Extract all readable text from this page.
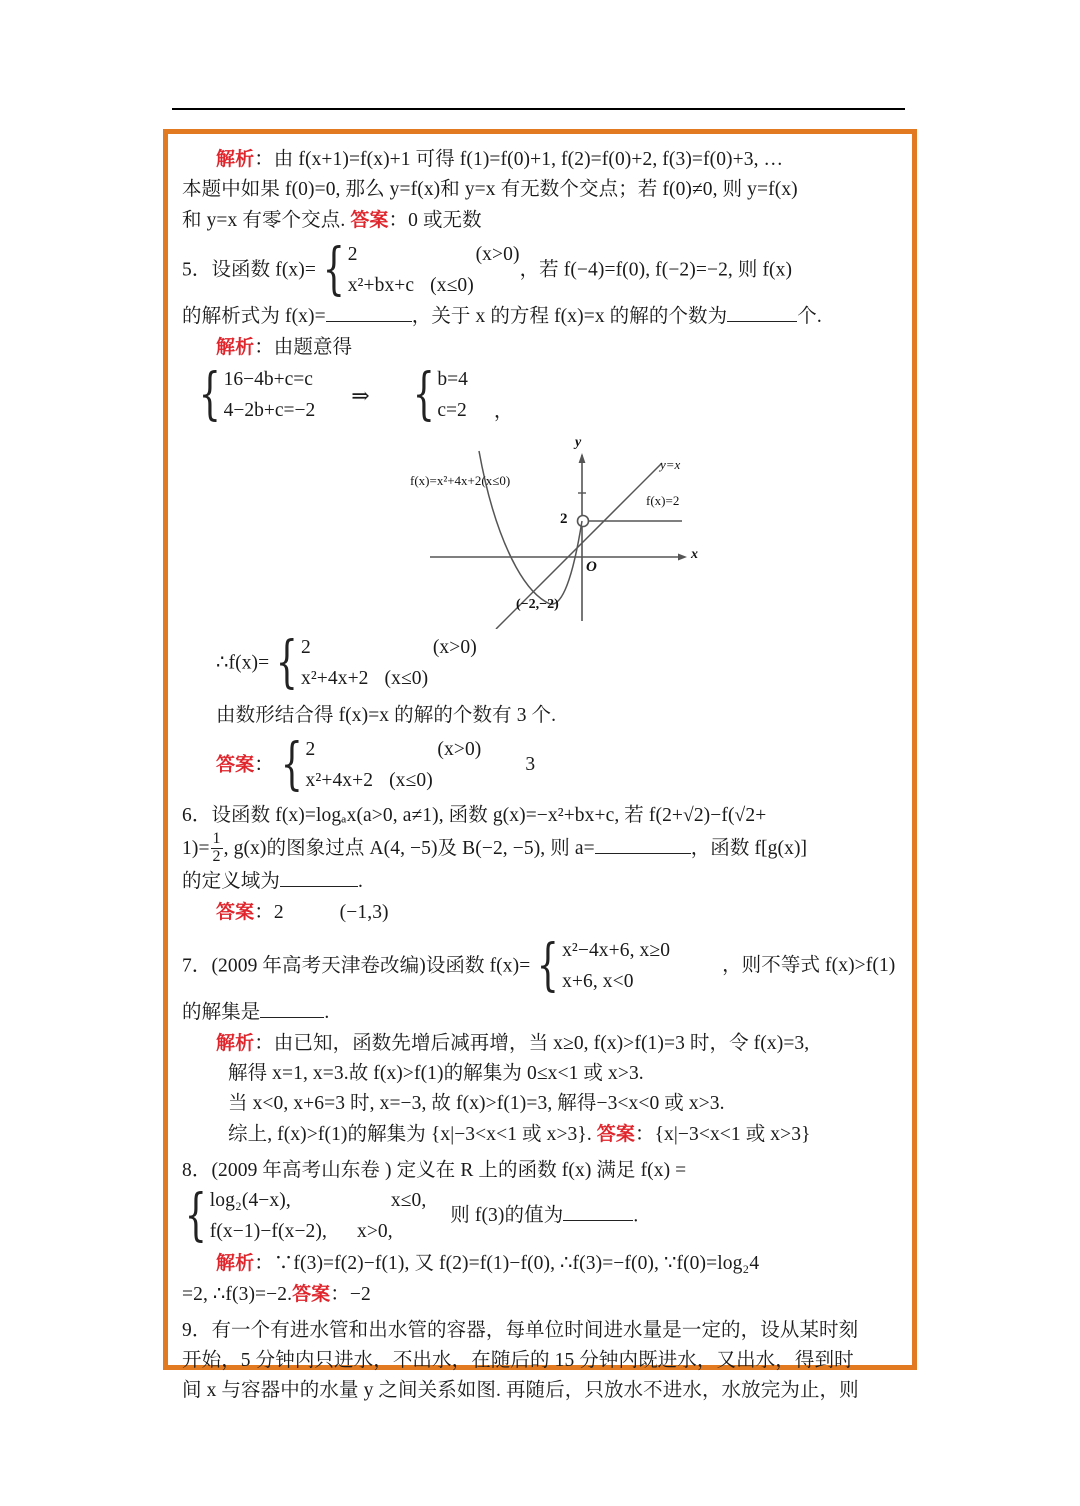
解析：由 f(x+1)=f(x)+1 可得 f(1)=f(0)+1, f(2)=f(0)+2, f(3)=f(0)+3, …
本题中如果 f(0)=0, 那么 y=f(x)和 y=x 有无数个交点；若 f(0)≠0, 则 y=f(x)
和 y=x 有零个交点. 答案：0 或无数
5．设函数 f(x)= { 2	(x>0)
x²+bx+c (x≤0)
，若 f(−4)=f(0), f(−2)=−2, 则 f(x)
的解析式为 f(x)=	，关于 x 的方程 f(x)=x 的解的个数为	个.
解析：由题意得
{ 16−4b+c=c
4−2b+c=−2
⇒ { b=4
c=2 ，
f(x)=x²+4x+2(x≤0)
y=x
f(x)=2
y
x
O
2
(−2,−2)
∴f(x)= { 2	(x>0)
x²+4x+2 (x≤0)
由数形结合得 f(x)=x 的解的个数有 3 个.
答案： { 2	(x>0)
x²+4x+2 (x≤0)
3
6．设函数 f(x)=logₐx(a>0, a≠1), 函数 g(x)=−x²+bx+c, 若 f(2+√2)−f(√2+
$1)= \frac{1}{2}$ , g(x)的图象过点 A(4, −5)及 B(−2, −5), 则 a=	，函数 f[g(x)]
的定义域为	.
答案：2	(−1,3)
7．(2009 年高考天津卷改编)设函数 f(x)= { x²−4x+6, x≥0
x+6, x<0
，则不等式 f(x)>f(1)
的解集是	.
解析：由已知，函数先增后减再增，当 x≥0, f(x)>f(1)=3 时，令 f(x)=3,
解得 x=1, x=3.故 f(x)>f(1)的解集为 0≤x<1 或 x>3.
当 x<0, x+6=3 时, x=−3, 故 f(x)>f(1)=3, 解得−3<x<0 或 x>3.
综上, f(x)>f(1)的解集为 {x|−3<x<1 或 x>3}. 答案：{x|−3<x<1 或 x>3}
8．(2009 年高考山东卷 ) 定义在 R 上的函数 f(x) 满足 f(x) =
{ log₂(4−x),	x≤0,
f(x−1)−f(x−2), x>0,
则 f(3)的值为	.
解析：∵f(3)=f(2)−f(1), 又 f(2)=f(1)−f(0), ∴f(3)=−f(0), ∵f(0)=log₂4
=2, ∴f(3)=−2.答案：−2
9．有一个有进水管和出水管的容器，每单位时间进水量是一定的，设从某时刻
开始，5 分钟内只进水，不出水，在随后的 15 分钟内既进水，又出水，得到时
间 x 与容器中的水量 y 之间关系如图. 再随后，只放水不进水，水放完为止，则
